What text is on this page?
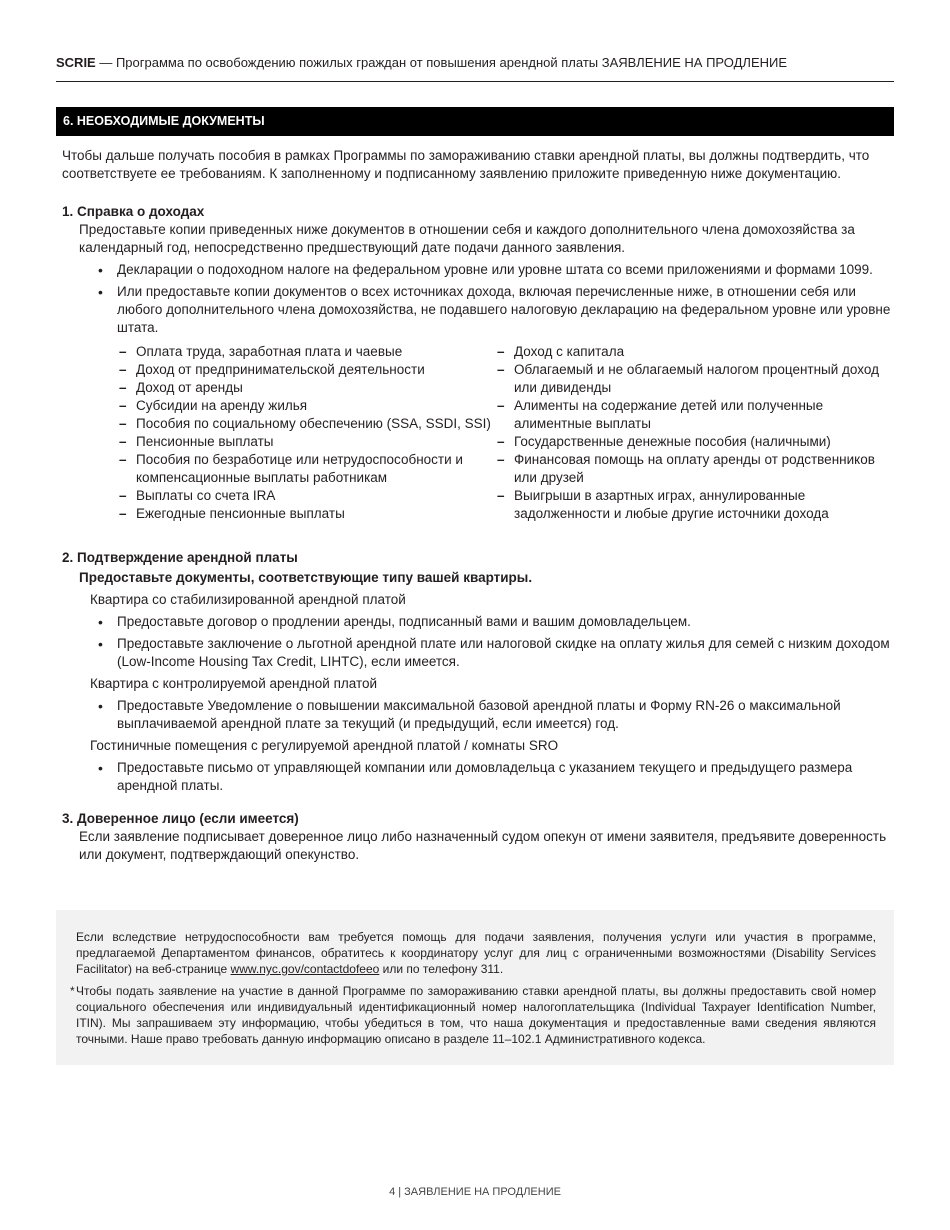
SCRIE — Программа по освобождению пожилых граждан от повышения арендной платы ЗАЯВЛЕНИЕ НА ПРОДЛЕНИЕ
6. НЕОБХОДИМЫЕ ДОКУМЕНТЫ
Чтобы дальше получать пособия в рамках Программы по замораживанию ставки арендной платы, вы должны подтвердить, что соответствуете ее требованиям. К заполненному и подписанному заявлению приложите приведенную ниже документацию.
1. Справка о доходах
Предоставьте копии приведенных ниже документов в отношении себя и каждого дополнительного члена домохозяйства за календарный год, непосредственно предшествующий дате подачи данного заявления.
• Декларации о подоходном налоге на федеральном уровне или уровне штата со всеми приложениями и формами 1099.
• Или предоставьте копии документов о всех источниках дохода, включая перечисленные ниже, в отношении себя или любого дополнительного члена домохозяйства, не подавшего налоговую декларацию на федеральном уровне или уровне штата.
– Оплата труда, заработная плата и чаевые
– Доход от предпринимательской деятельности
– Доход от аренды
– Субсидии на аренду жилья
– Пособия по социальному обеспечению (SSA, SSDI, SSI)
– Пенсионные выплаты
– Пособия по безработице или нетрудоспособности и компенсационные выплаты работникам
– Выплаты со счета IRA
– Ежегодные пенсионные выплаты
– Доход с капитала
– Облагаемый и не облагаемый налогом процентный доход или дивиденды
– Алименты на содержание детей или полученные алиментные выплаты
– Государственные денежные пособия (наличными)
– Финансовая помощь на оплату аренды от родственников или друзей
– Выигрыши в азартных играх, аннулированные задолженности и любые другие источники дохода
2. Подтверждение арендной платы
Предоставьте документы, соответствующие типу вашей квартиры.
Квартира со стабилизированной арендной платой
• Предоставьте договор о продлении аренды, подписанный вами и вашим домовладельцем.
• Предоставьте заключение о льготной арендной плате или налоговой скидке на оплату жилья для семей с низким доходом (Low-Income Housing Tax Credit, LIHTC), если имеется.
Квартира с контролируемой арендной платой
• Предоставьте Уведомление о повышении максимальной базовой арендной платы и Форму RN-26 о максимальной выплачиваемой арендной плате за текущий (и предыдущий, если имеется) год.
Гостиничные помещения с регулируемой арендной платой / комнаты SRO
• Предоставьте письмо от управляющей компании или домовладельца с указанием текущего и предыдущего размера арендной платы.
3. Доверенное лицо (если имеется)
Если заявление подписывает доверенное лицо либо назначенный судом опекун от имени заявителя, предъявите доверенность или документ, подтверждающий опекунство.
Если вследствие нетрудоспособности вам требуется помощь для подачи заявления, получения услуги или участия в программе, предлагаемой Департаментом финансов, обратитесь к координатору услуг для лиц с ограниченными возможностями (Disability Services Facilitator) на веб-странице www.nyc.gov/contactdofeeo или по телефону 311.
* Чтобы подать заявление на участие в данной Программе по замораживанию ставки арендной платы, вы должны предоставить свой номер социального обеспечения или индивидуальный идентификационный номер налогоплательщика (Individual Taxpayer Identification Number, ITIN). Мы запрашиваем эту информацию, чтобы убедиться в том, что наша документация и предоставленные вами сведения являются точными. Наше право требовать данную информацию описано в разделе 11–102.1 Административного кодекса.
4 | ЗАЯВЛЕНИЕ НА ПРОДЛЕНИЕ
